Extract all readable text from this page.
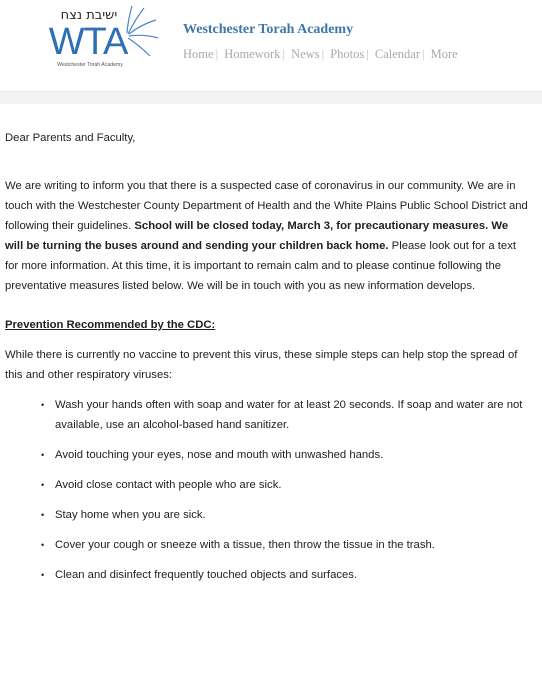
ישיבת נצח
WTA
Westchester Torah Academy
Westchester Torah Academy
Home | Homework | News | Photos | Calendar | More

Dear Parents and Faculty,

We are writing to inform you that there is a suspected case of coronavirus in our community. We are in touch with the Westchester County Department of Health and the White Plains Public School District and following their guidelines. School will be closed today, March 3, for precautionary measures. We will be turning the buses around and sending your children back home. Please look out for a text for more information. At this time, it is important to remain calm and to please continue following the preventative measures listed below. We will be in touch with you as new information develops.

Prevention Recommended by the CDC:

While there is currently no vaccine to prevent this virus, these simple steps can help stop the spread of this and other respiratory viruses:

• Wash your hands often with soap and water for at least 20 seconds. If soap and water are not available, use an alcohol-based hand sanitizer.
• Avoid touching your eyes, nose and mouth with unwashed hands.
• Avoid close contact with people who are sick.
• Stay home when you are sick.
• Cover your cough or sneeze with a tissue, then throw the tissue in the trash.
• Clean and disinfect frequently touched objects and surfaces.
